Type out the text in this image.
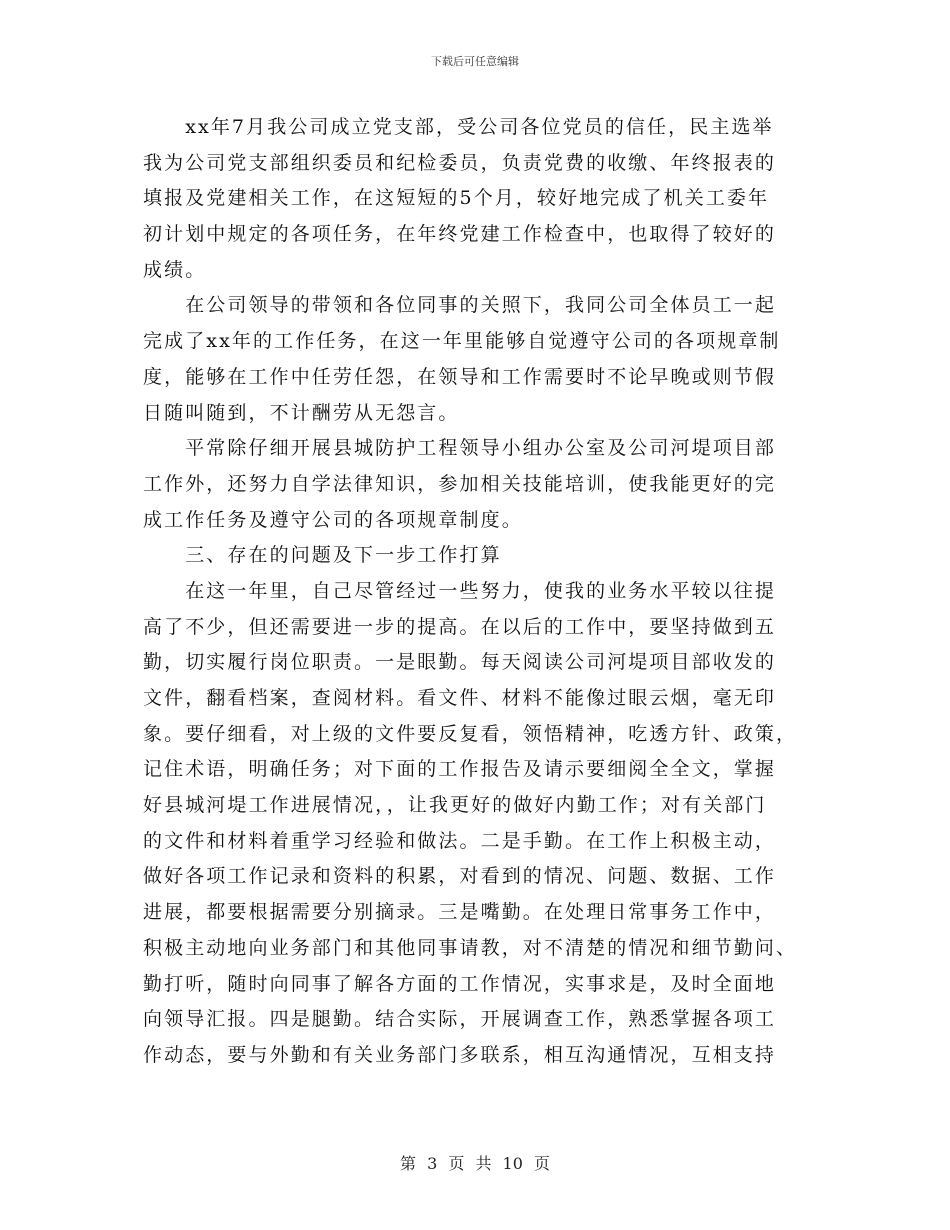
下载后可任意编辑
　　xx年7月我公司成立党支部，受公司各位党员的信任，民主选举
我为公司党支部组织委员和纪检委员，负责党费的收缴、年终报表的
填报及党建相关工作，在这短短的5个月，较好地完成了机关工委年
初计划中规定的各项任务，在年终党建工作检查中，也取得了较好的
成绩。
　　在公司领导的带领和各位同事的关照下，我同公司全体员工一起
完成了xx年的工作任务，在这一年里能够自觉遵守公司的各项规章制
度，能够在工作中任劳任怨，在领导和工作需要时不论早晚或则节假
日随叫随到，不计酬劳从无怨言。
　　平常除仔细开展县城防护工程领导小组办公室及公司河堤项目部
工作外，还努力自学法律知识，参加相关技能培训，使我能更好的完
成工作任务及遵守公司的各项规章制度。
　　三、存在的问题及下一步工作打算
　　在这一年里，自己尽管经过一些努力，使我的业务水平较以往提
高了不少，但还需要进一步的提高。在以后的工作中，要坚持做到五
勤，切实履行岗位职责。一是眼勤。每天阅读公司河堤项目部收发的
文件，翻看档案，查阅材料。看文件、材料不能像过眼云烟，毫无印
象。要仔细看，对上级的文件要反复看，领悟精神，吃透方针、政策，
记住术语，明确任务；对下面的工作报告及请示要细阅全全文，掌握
好县城河堤工作进展情况，，让我更好的做好内勤工作；对有关部门
的文件和材料着重学习经验和做法。二是手勤。在工作上积极主动，
做好各项工作记录和资料的积累，对看到的情况、问题、数据、工作
进展，都要根据需要分别摘录。三是嘴勤。在处理日常事务工作中，
积极主动地向业务部门和其他同事请教，对不清楚的情况和细节勤问、
勤打听，随时向同事了解各方面的工作情况，实事求是，及时全面地
向领导汇报。四是腿勤。结合实际，开展调查工作，熟悉掌握各项工
作动态，要与外勤和有关业务部门多联系，相互沟通情况，互相支持
第 3 页 共 10 页
